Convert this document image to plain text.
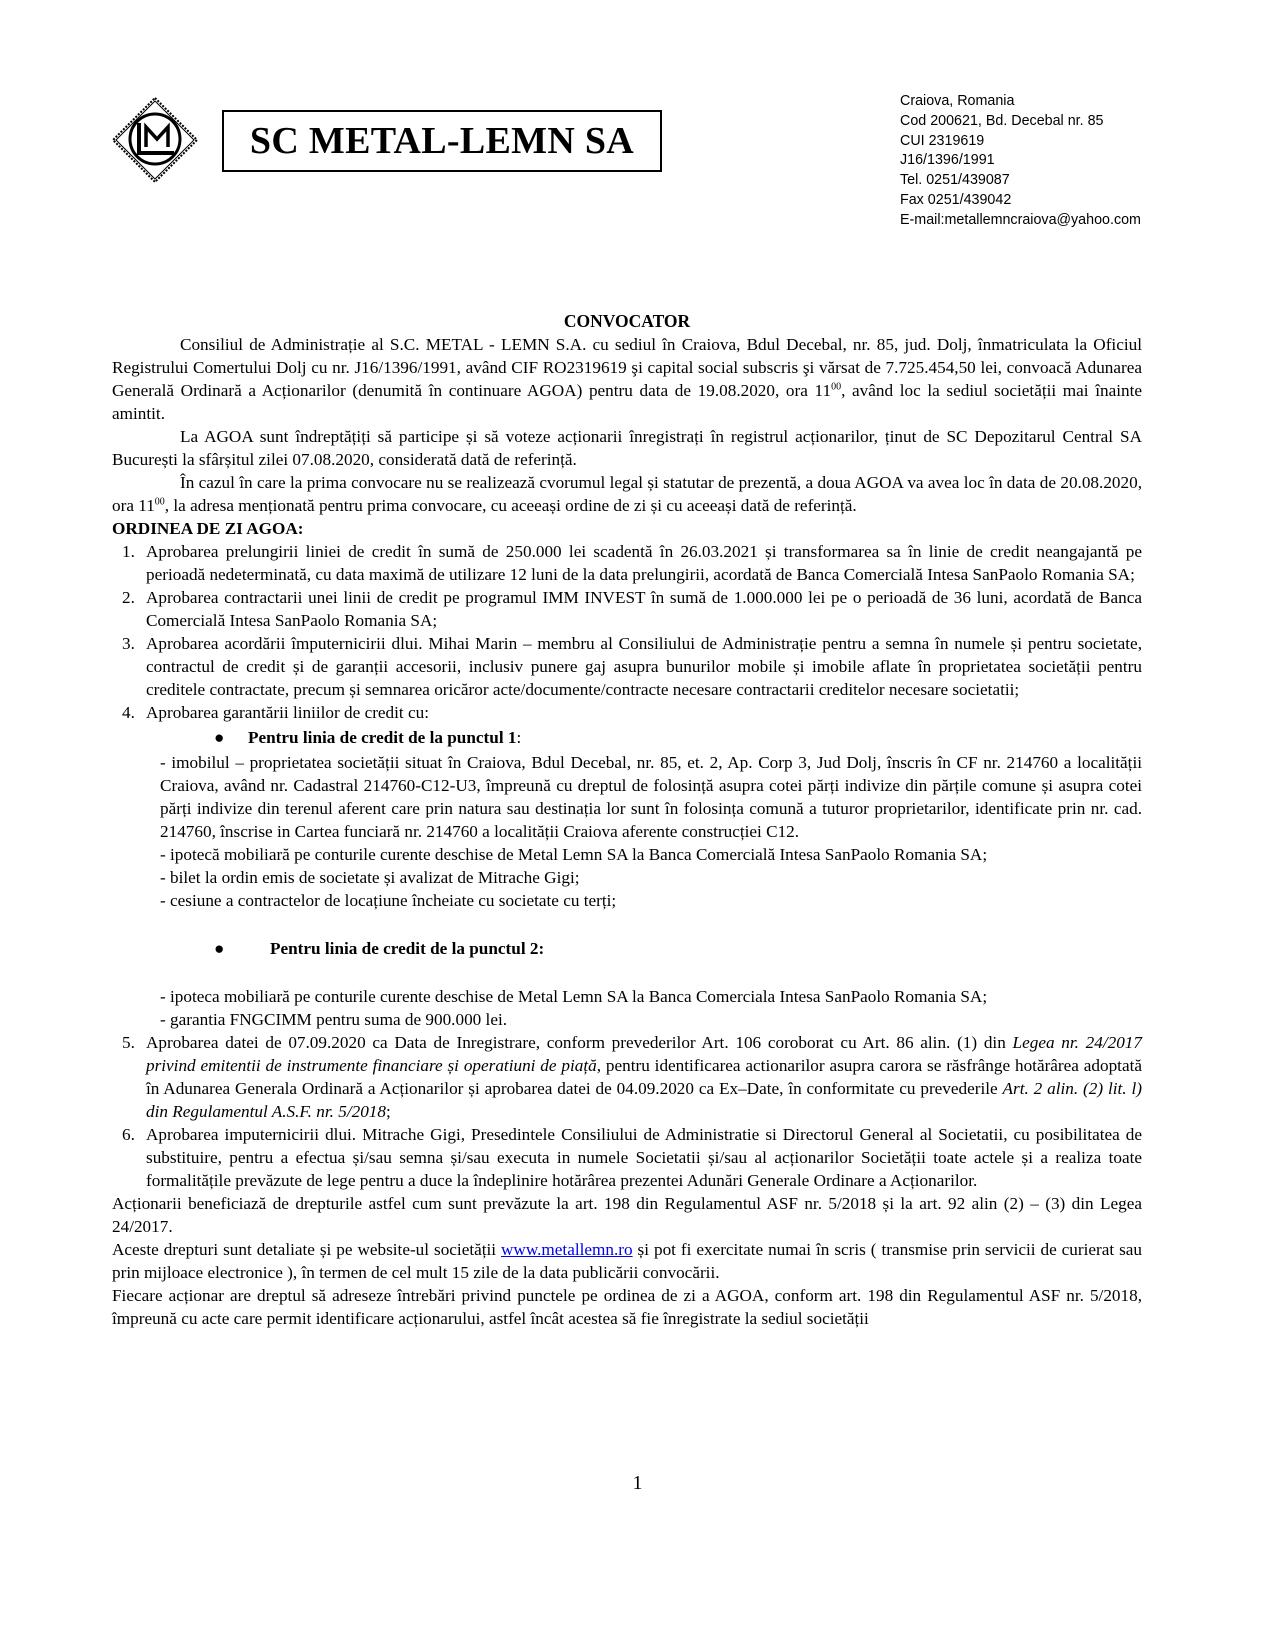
SC METAL-LEMN SA
Craiova, Romania
Cod 200621, Bd. Decebal nr. 85
CUI 2319619
J16/1396/1991
Tel. 0251/439087
Fax 0251/439042
E-mail:metallemncraiova@yahoo.com
CONVOCATOR
Consiliul de Administrație al S.C. METAL - LEMN S.A. cu sediul în Craiova, Bdul Decebal, nr. 85, jud. Dolj, înmatriculata la Oficiul Registrului Comertului Dolj cu nr. J16/1396/1991, având CIF RO2319619 şi capital social subscris şi vărsat de 7.725.454,50 lei, convoacă Adunarea Generală Ordinară a Acționarilor (denumită în continuare AGOA) pentru data de 19.08.2020, ora $11^{00}$, având loc la sediul societății mai înainte amintit.
La AGOA sunt îndreptățiți să participe și să voteze acționarii înregistrați în registrul acționarilor, ținut de SC Depozitarul Central SA București la sfârșitul zilei 07.08.2020, considerată dată de referință.
În cazul în care la prima convocare nu se realizează cvorumul legal și statutar de prezentă, a doua AGOA va avea loc în data de 20.08.2020, ora $11^{00}$, la adresa menționată pentru prima convocare, cu aceeași ordine de zi și cu aceeași dată de referință.
ORDINEA DE ZI AGOA:
1. Aprobarea prelungirii liniei de credit în sumă de 250.000 lei scadentă în 26.03.2021 și transformarea sa în linie de credit neangajantă pe perioadă nedeterminată, cu data maximă de utilizare 12 luni de la data prelungirii, acordată de Banca Comercială Intesa SanPaolo Romania SA;
2. Aprobarea contractarii unei linii de credit pe programul IMM INVEST în sumă de 1.000.000 lei pe o perioadă de 36 luni, acordată de Banca Comercială Intesa SanPaolo Romania SA;
3. Aprobarea acordării împuternicirii dlui. Mihai Marin – membru al Consiliului de Administrație pentru a semna în numele și pentru societate, contractul de credit și de garanții accesorii, inclusiv punere gaj asupra bunurilor mobile și imobile aflate în proprietatea societății pentru creditele contractate, precum și semnarea oricăror acte/documente/contracte necesare contractarii creditelor necesare societatii;
4. Aprobarea garantării liniilor de credit cu:
● Pentru linia de credit de la punctul 1:
- imobilul – proprietatea societății situat în Craiova, Bdul Decebal, nr. 85, et. 2, Ap. Corp 3, Jud Dolj, înscris în CF nr. 214760 a localității Craiova, având nr. Cadastral 214760-C12-U3, împreună cu dreptul de folosință asupra cotei părți indivize din părțile comune și asupra cotei părți indivize din terenul aferent care prin natura sau destinația lor sunt în folosința comună a tuturor proprietarilor, identificate prin nr. cad. 214760, înscrise in Cartea funciară nr. 214760 a localității Craiova aferente construcției C12.
- ipotecă mobiliară pe conturile curente deschise de Metal Lemn SA la Banca Comercială Intesa SanPaolo Romania SA;
- bilet la ordin emis de societate și avalizat de Mitrache Gigi;
- cesiune a contractelor de locațiune încheiate cu societate cu terți;
●	Pentru linia de credit de la punctul 2:
- ipoteca mobiliară pe conturile curente deschise de Metal Lemn SA la Banca Comerciala Intesa SanPaolo Romania SA;
- garantia FNGCIMM pentru suma de 900.000 lei.
5. Aprobarea datei de 07.09.2020 ca Data de Inregistrare, conform prevederilor Art. 106 coroborat cu Art. 86 alin. (1) din Legea nr. 24/2017 privind emitentii de instrumente financiare și operatiuni de piață, pentru identificarea actionarilor asupra carora se răsfrânge hotărârea adoptată în Adunarea Generala Ordinară a Acționarilor și aprobarea datei de 04.09.2020 ca Ex–Date, în conformitate cu prevederile Art. 2 alin. (2) lit. l) din Regulamentul A.S.F. nr. 5/2018;
6. Aprobarea imputernicirii dlui. Mitrache Gigi, Presedintele Consiliului de Administratie si Directorul General al Societatii, cu posibilitatea de substituire, pentru a efectua și/sau semna și/sau executa in numele Societatii și/sau al acționarilor Societății toate actele și a realiza toate formalitățile prevăzute de lege pentru a duce la îndeplinire hotărârea prezentei Adunări Generale Ordinare a Acționarilor.
Acționarii beneficiază de drepturile astfel cum sunt prevăzute la art. 198 din Regulamentul ASF nr. 5/2018 și la art. 92 alin (2) – (3) din Legea 24/2017.
Aceste drepturi sunt detaliate și pe website-ul societății www.metallemn.ro și pot fi exercitate numai în scris ( transmise prin servicii de curierat sau prin mijloace electronice ), în termen de cel mult 15 zile de la data publicării convocării.
Fiecare acționar are dreptul să adreseze întrebări privind punctele pe ordinea de zi a AGOA, conform art. 198 din Regulamentul ASF nr. 5/2018, împreună cu acte care permit identificare acționarului, astfel încât acestea să fie înregistrate la sediul societății
1
